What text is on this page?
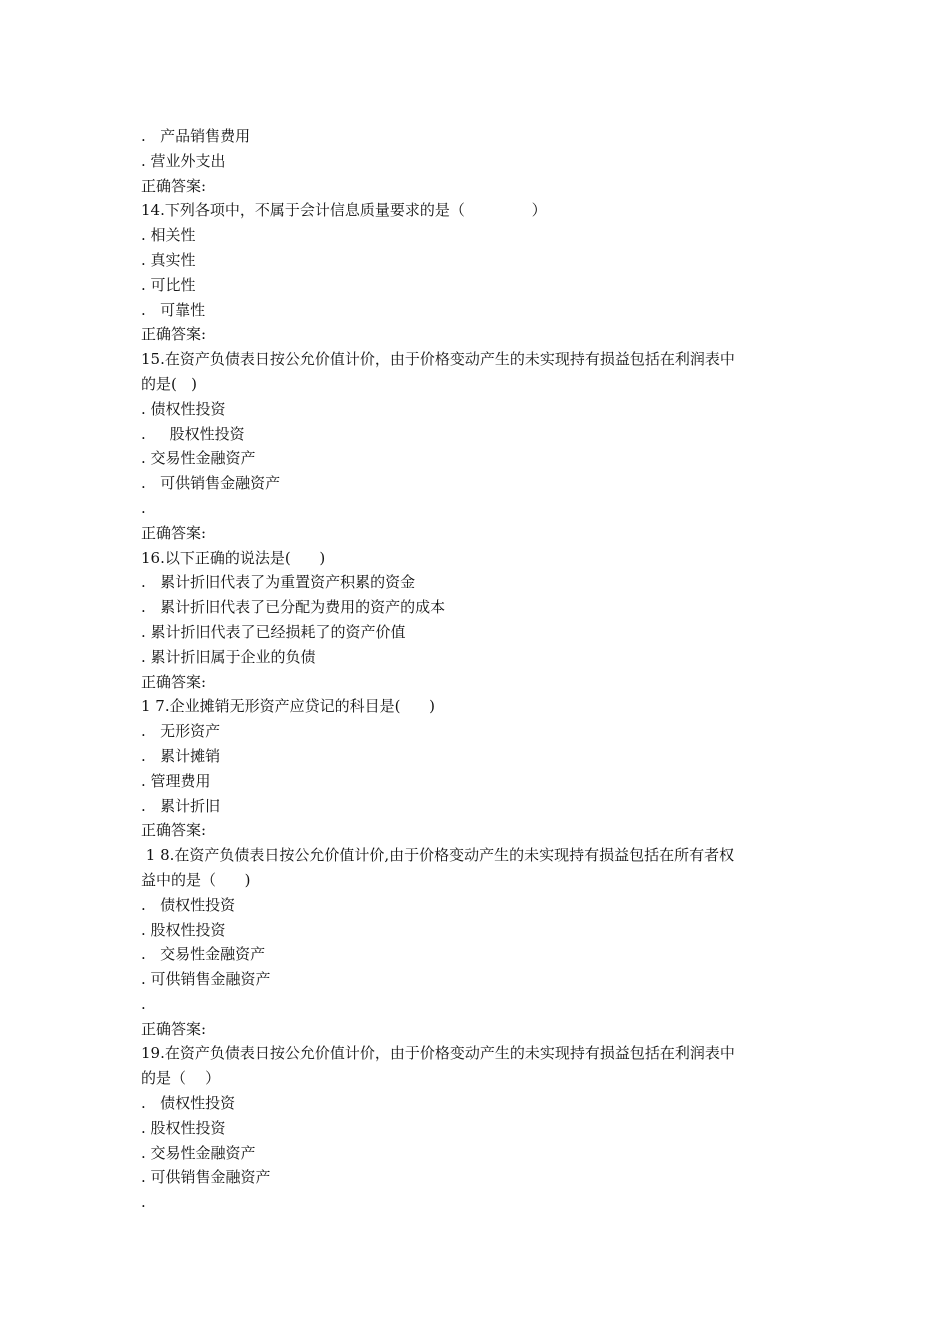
.   产品销售费用
. 营业外支出
正确答案:
14.下列各项中，不属于会计信息质量要求的是（              ）
. 相关性
. 真实性
. 可比性
.   可靠性
正确答案:
15.在资产负债表日按公允价值计价，由于价格变动产生的未实现持有损益包括在利润表中
的是(   )
. 债权性投资
.     股权性投资
. 交易性金融资产
.   可供销售金融资产
.
正确答案:
16.以下正确的说法是(      )
.   累计折旧代表了为重置资产积累的资金
.   累计折旧代表了已分配为费用的资产的成本
. 累计折旧代表了已经损耗了的资产价值
. 累计折旧属于企业的负债
正确答案:
1 7.企业摊销无形资产应贷记的科目是(      )
.   无形资产
.   累计摊销
. 管理费用
.   累计折旧
正确答案:
1 8.在资产负债表日按公允价值计价,由于价格变动产生的未实现持有损益包括在所有者权
益中的是（      )
.   债权性投资
. 股权性投资
.   交易性金融资产
. 可供销售金融资产
.
正确答案:
19.在资产负债表日按公允价值计价，由于价格变动产生的未实现持有损益包括在利润表中
的是（    ）
.   债权性投资
. 股权性投资
. 交易性金融资产
. 可供销售金融资产
.
